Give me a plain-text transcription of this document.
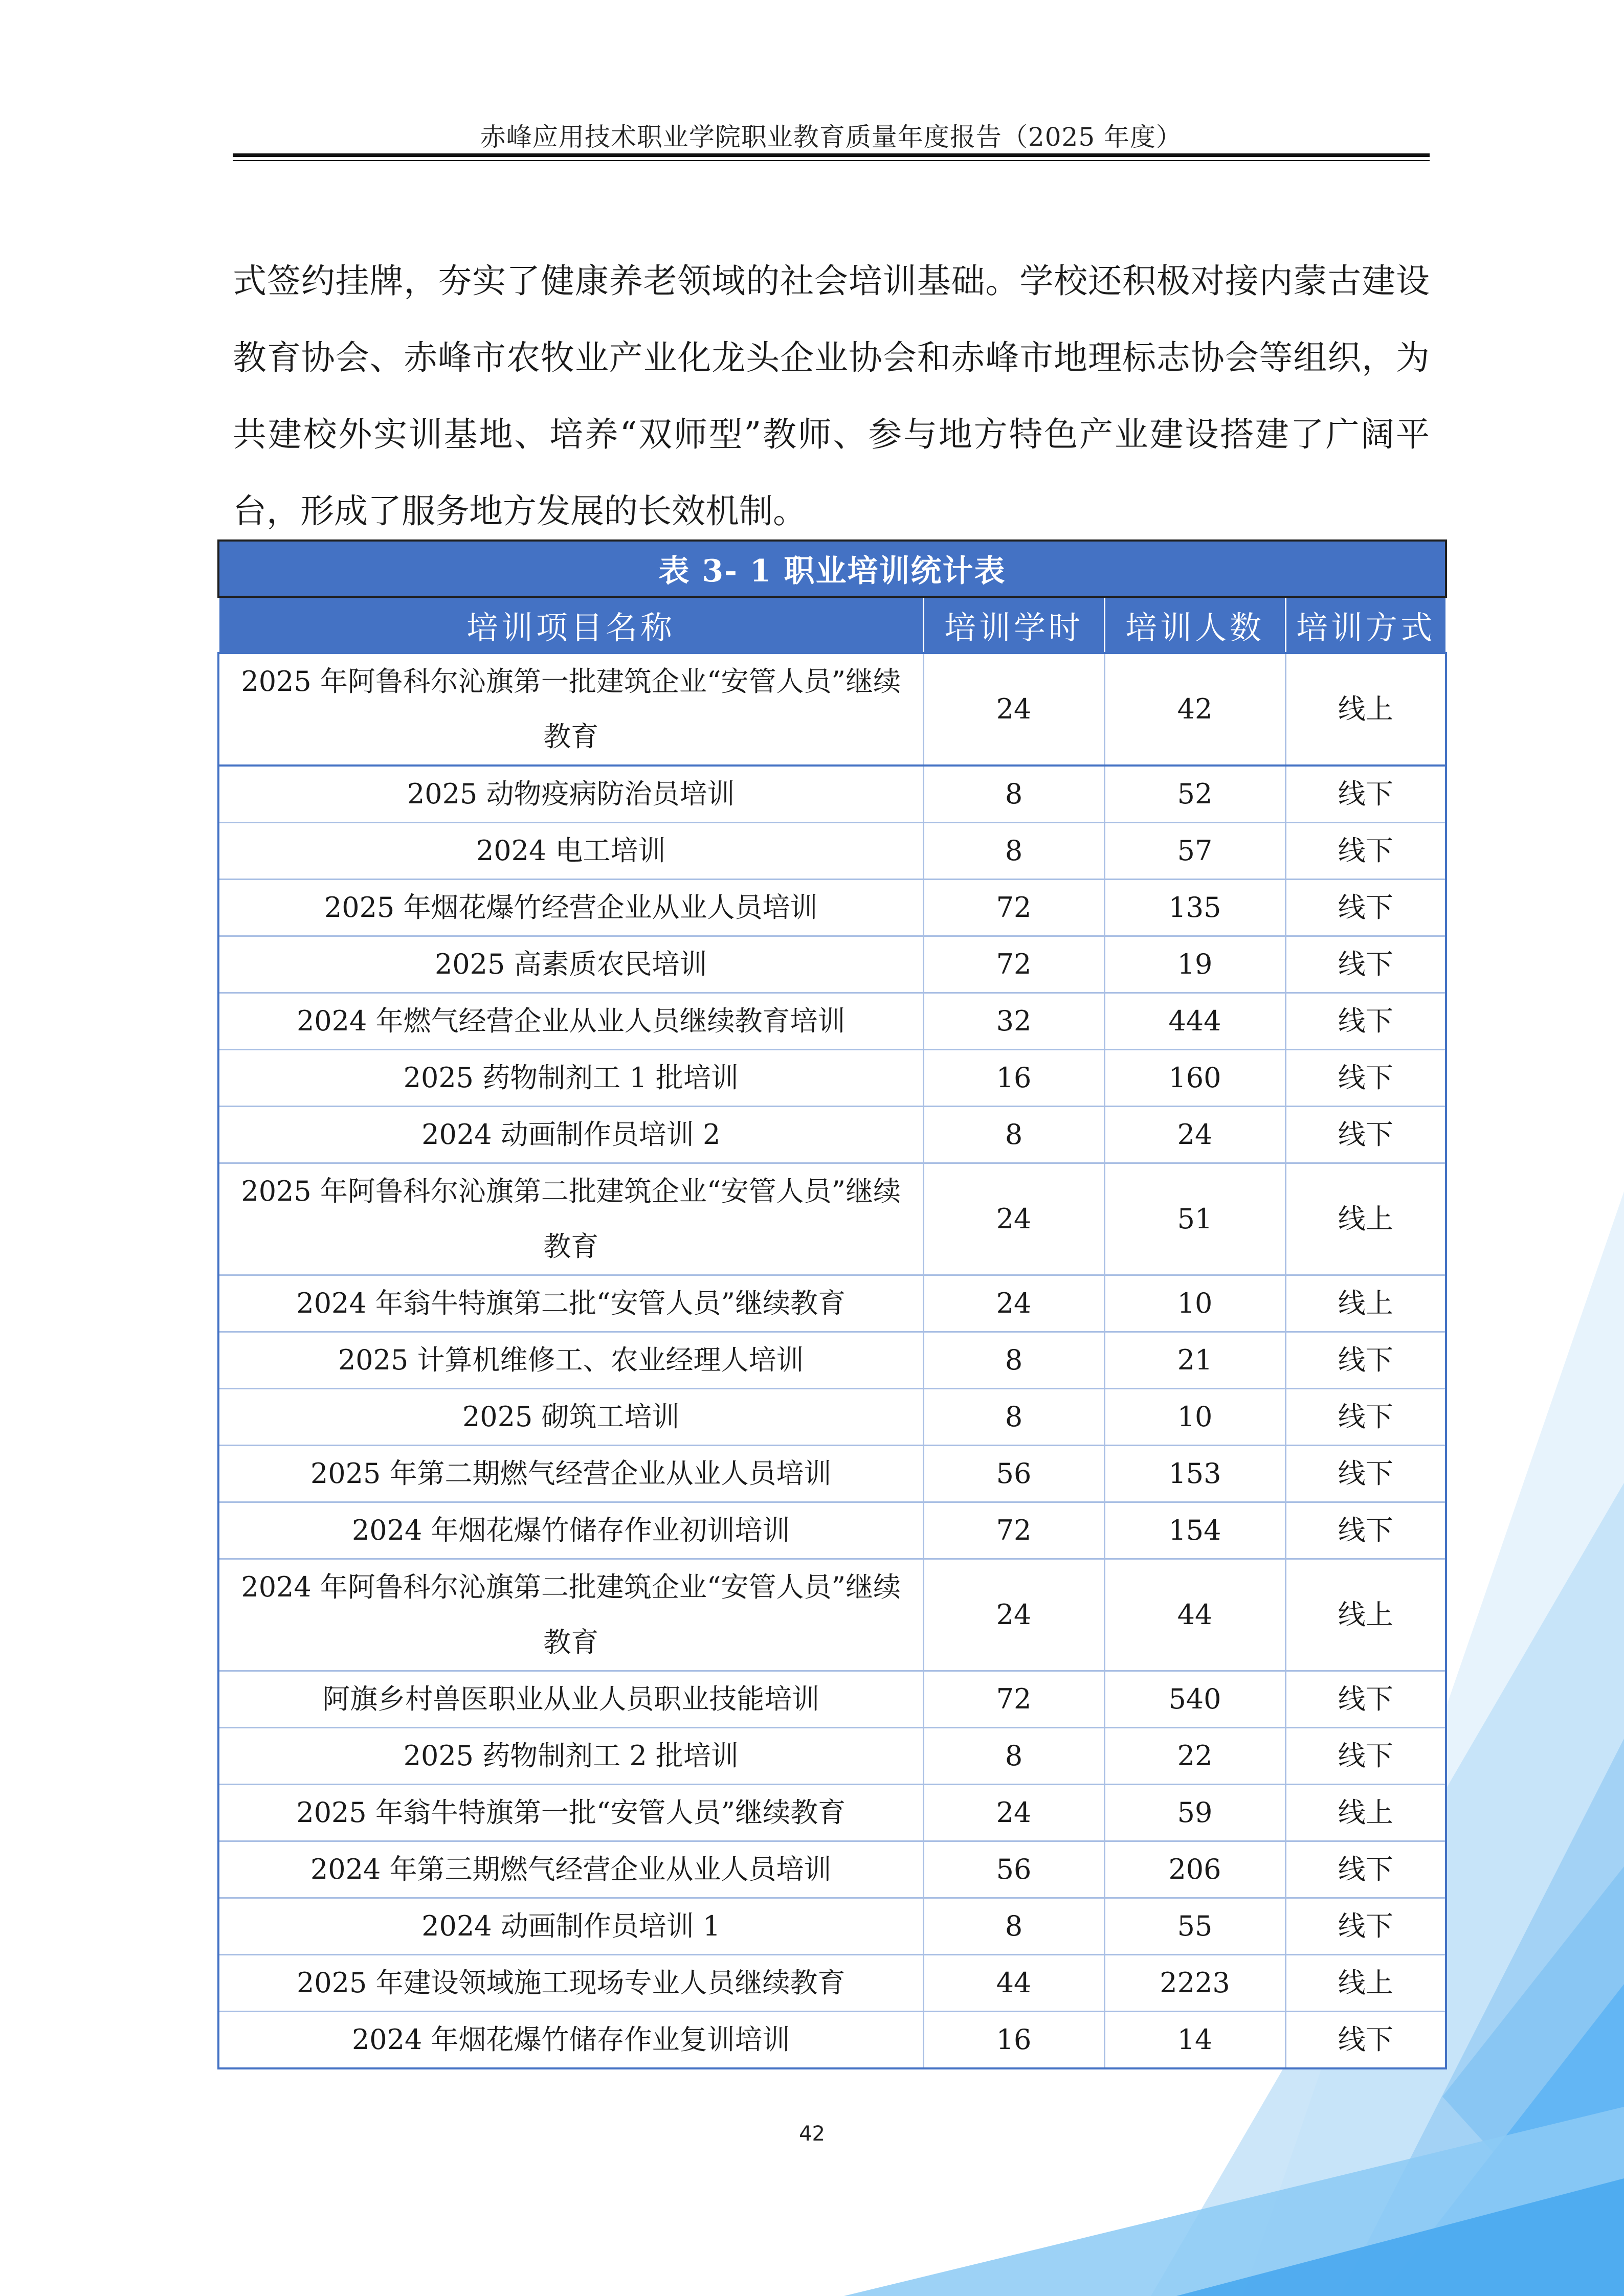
赤峰应用技术职业学院职业教育质量年度报告（2025 年度）

式签约挂牌，夯实了健康养老领域的社会培训基础。学校还积极对接内蒙古建设教育协会、赤峰市农牧业产业化龙头企业协会和赤峰市地理标志协会等组织，为共建校外实训基地、培养“双师型”教师、参与地方特色产业建设搭建了广阔平台，形成了服务地方发展的长效机制。

表 3- 1 职业培训统计表			
培训项目名称	培训学时	培训人数	培训方式
2025 年阿鲁科尔沁旗第一批建筑企业“安管人员”继续教育	24	42	线上
2025 动物疫病防治员培训	8	52	线下
2024 电工培训	8	57	线下
2025 年烟花爆竹经营企业从业人员培训	72	135	线下
2025 高素质农民培训	72	19	线下
2024 年燃气经营企业从业人员继续教育培训	32	444	线下
2025 药物制剂工 1 批培训	16	160	线下
2024 动画制作员培训 2	8	24	线下
2025 年阿鲁科尔沁旗第二批建筑企业“安管人员”继续教育	24	51	线上
2024 年翁牛特旗第二批“安管人员”继续教育	24	10	线上
2025 计算机维修工、农业经理人培训	8	21	线下
2025 砌筑工培训	8	10	线下
2025 年第二期燃气经营企业从业人员培训	56	153	线下
2024 年烟花爆竹储存作业初训培训	72	154	线下
2024 年阿鲁科尔沁旗第二批建筑企业“安管人员”继续教育	24	44	线上
阿旗乡村兽医职业从业人员职业技能培训	72	540	线下
2025 药物制剂工 2 批培训	8	22	线下
2025 年翁牛特旗第一批“安管人员”继续教育	24	59	线上
2024 年第三期燃气经营企业从业人员培训	56	206	线下
2024 动画制作员培训 1	8	55	线下
2025 年建设领域施工现场专业人员继续教育	44	2223	线上
2024 年烟花爆竹储存作业复训培训	16	14	线下
42
